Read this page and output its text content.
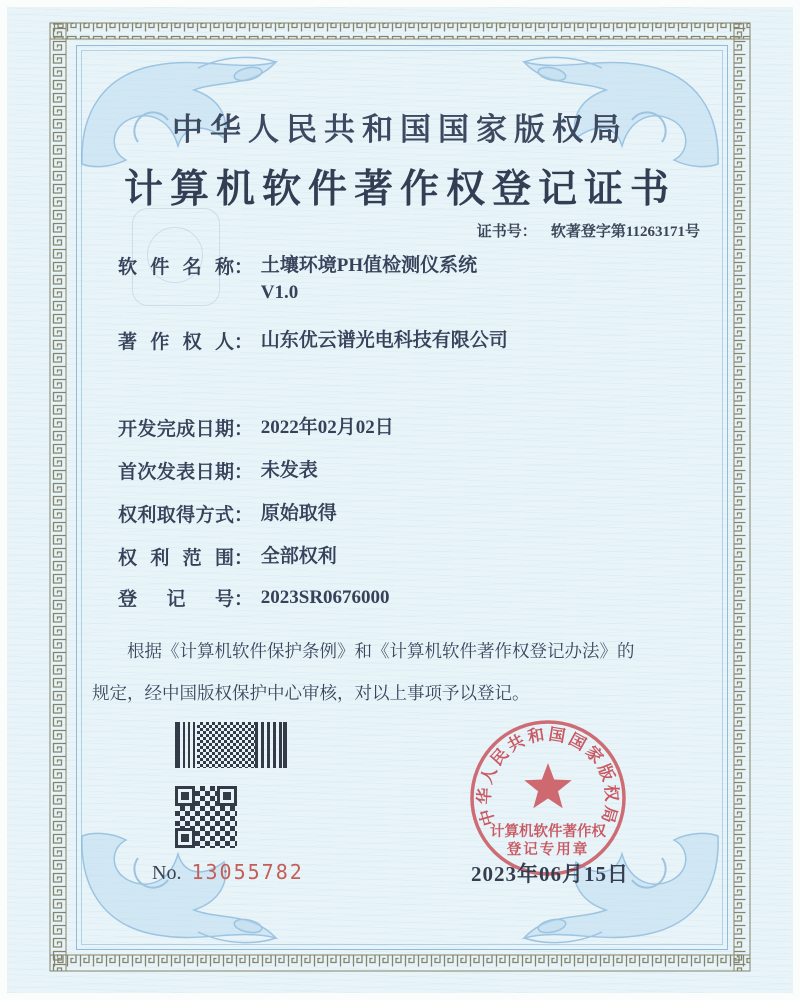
中华人民共和国国家版权局
计算机软件著作权登记证书
证书号： 软著登字第11263171号
软 件 名 称 ： 土壤环境PH值检测仪系统
V1.0
著 作 权 人 ： 山东优云谱光电科技有限公司
开 发 完 成 日 期 ： 2022年02月02日
首 次 发 表 日 期 ： 未发表
权 利 取 得 方 式 ： 原始取得
权 利 范 围 ： 全部权利
登 记 号 ： 2023SR0676000
根据《计算机软件保护条例》和《计算机软件著作权登记办法》的
规定，经中国版权保护中心审核，对以上事项予以登记。
No. 13055782
中华人民共和国国家版权局
计算机软件著作权
登记专用章
2023年06月15日
